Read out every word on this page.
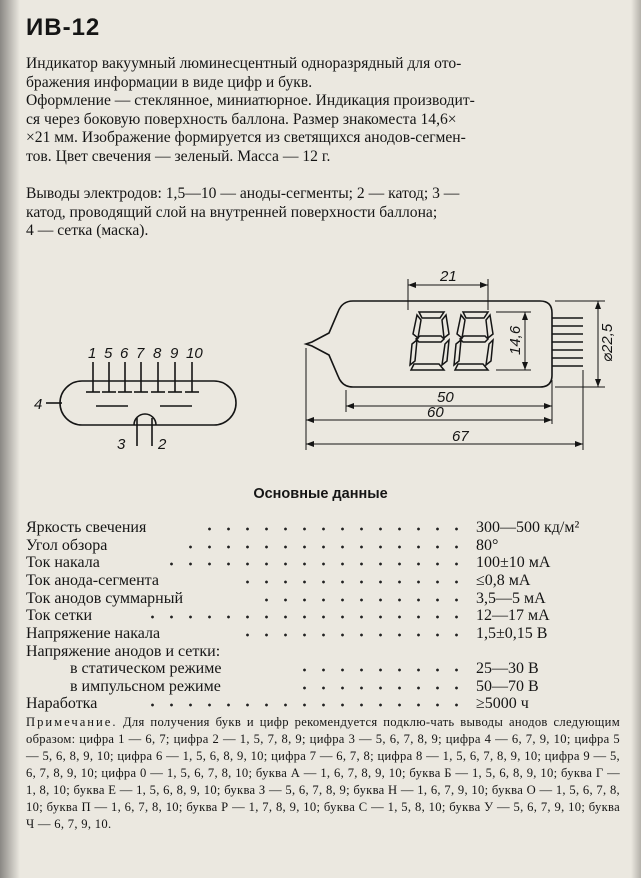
ИВ-12

Индикатор вакуумный люминесцентный одноразрядный для ото-
бражения информации в виде цифр и букв.

Оформление — стеклянное, миниатюрное. Индикация производит-
ся через боковую поверхность баллона. Размер знакоместа 14,6×
×21 мм. Изображение формируется из светящихся анодов-сегмен-
тов. Цвет свечения — зеленый. Масса — 12 г.

Выводы электродов: 1,5—10 — аноды-сегменты; 2 — катод; 3 —
катод, проводящий слой на внутренней поверхности баллона;
4 — сетка (маска).

1 5 6 7 8 9 10
4
3 2
21
14,6	⌀22,5
50
60
67
Основные данные
Яркость свечения	300—500 кд/м²
Угол обзора	80°
Ток накала	100±10 мА
Ток анода-сегмента	≤0,8 мА
Ток анодов суммарный	3,5—5 мА
Ток сетки	12—17 мА
Напряжение накала	1,5±0,15 В
Напряжение анодов и сетки:
в статическом режиме	25—30 В
в импульсном режиме	50—70 В
Наработка	≥5000 ч

Примечание. Для получения букв и цифр рекомендуется подклю-чать выводы анодов следующим образом: цифра 1 — 6, 7; цифра 2 — 1, 5, 7, 8, 9; цифра 3 — 5, 6, 7, 8, 9; цифра 4 — 6, 7, 9, 10; цифра 5 — 5, 6, 8, 9, 10; цифра 6 — 1, 5, 6, 8, 9, 10; цифра 7 — 6, 7, 8; цифра 8 — 1, 5, 6, 7, 8, 9, 10; цифра 9 — 5, 6, 7, 8, 9, 10; цифра 0 — 1, 5, 6, 7, 8, 10; буква А — 1, 6, 7, 8, 9, 10; буква Б — 1, 5, 6, 8, 9, 10; буква Г — 1, 8, 10; буква Е — 1, 5, 6, 8, 9, 10; буква З — 5, 6, 7, 8, 9; буква Н — 1, 6, 7, 9, 10; буква О — 1, 5, 6, 7, 8, 10; буква П — 1, 6, 7, 8, 10; буква Р — 1, 7, 8, 9, 10; буква С — 1, 5, 8, 10; буква У — 5, 6, 7, 9, 10; буква Ч — 6, 7, 9, 10.
